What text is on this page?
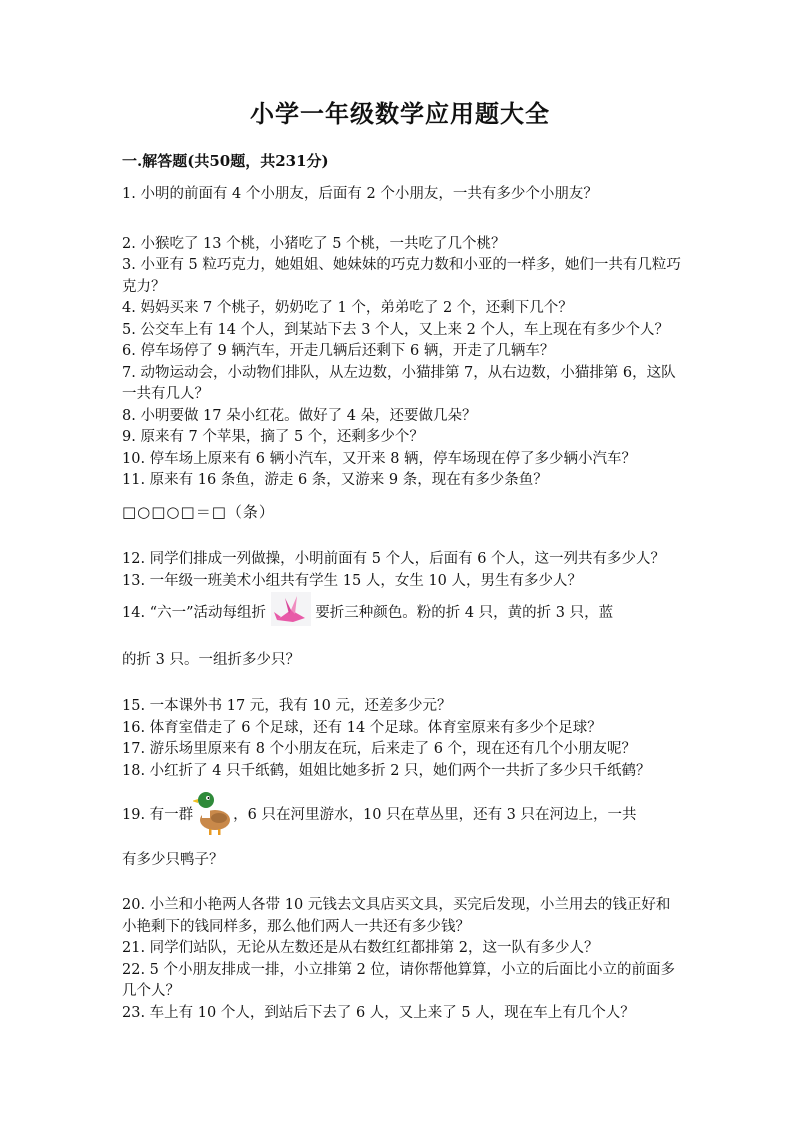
小学一年级数学应用题大全
一.解答题(共50题，共231分)

1. 小明的前面有 4 个小朋友，后面有 2 个小朋友，一共有多少个小朋友？

2. 小猴吃了 13 个桃，小猪吃了 5 个桃，一共吃了几个桃？

3. 小亚有 5 粒巧克力，她姐姐、她妹妹的巧克力数和小亚的一样多，她们一共有几粒巧克力？

4. 妈妈买来 7 个桃子，奶奶吃了 1 个，弟弟吃了 2 个，还剩下几个？

5. 公交车上有 14 个人，到某站下去 3 个人，又上来 2 个人，车上现在有多少个人？

6. 停车场停了 9 辆汽车，开走几辆后还剩下 6 辆，开走了几辆车？

7. 动物运动会，小动物们排队，从左边数，小猫排第 7，从右边数，小猫排第 6，这队一共有几人？

8. 小明要做 17 朵小红花。做好了 4 朵，还要做几朵？

9. 原来有 7 个苹果，摘了 5 个，还剩多少个？

10. 停车场上原来有 6 辆小汽车，又开来 8 辆，停车场现在停了多少辆小汽车？

11. 原来有 16 条鱼，游走 6 条，又游来 9 条，现在有多少条鱼？

□○□○□＝□（条）

12. 同学们排成一列做操，小明前面有 5 个人，后面有 6 个人，这一列共有多少人？

13. 一年级一班美术小组共有学生 15 人，女生 10 人，男生有多少人？

14. “六一”活动每组折	要折三种颜色。粉的折 4 只，黄的折 3 只，蓝
的折 3 只。一组折多少只？

15. 一本课外书 17 元，我有 10 元，还差多少元？

16. 体育室借走了 6 个足球，还有 14 个足球。体育室原来有多少个足球？

17. 游乐场里原来有 8 个小朋友在玩，后来走了 6 个，现在还有几个小朋友呢？

18. 小红折了 4 只千纸鹤，姐姐比她多折 2 只，她们两个一共折了多少只千纸鹤？

19. 有一群	，6 只在河里游水，10 只在草丛里，还有 3 只在河边上，一共
有多少只鸭子？

20. 小兰和小艳两人各带 10 元钱去文具店买文具，买完后发现，小兰用去的钱正好和小艳剩下的钱同样多，那么他们两人一共还有多少钱？

21. 同学们站队，无论从左数还是从右数红红都排第 2，这一队有多少人？

22. 5 个小朋友排成一排，小立排第 2 位，请你帮他算算，小立的后面比小立的前面多几个人？

23. 车上有 10 个人，到站后下去了 6 人，又上来了 5 人，现在车上有几个人？
